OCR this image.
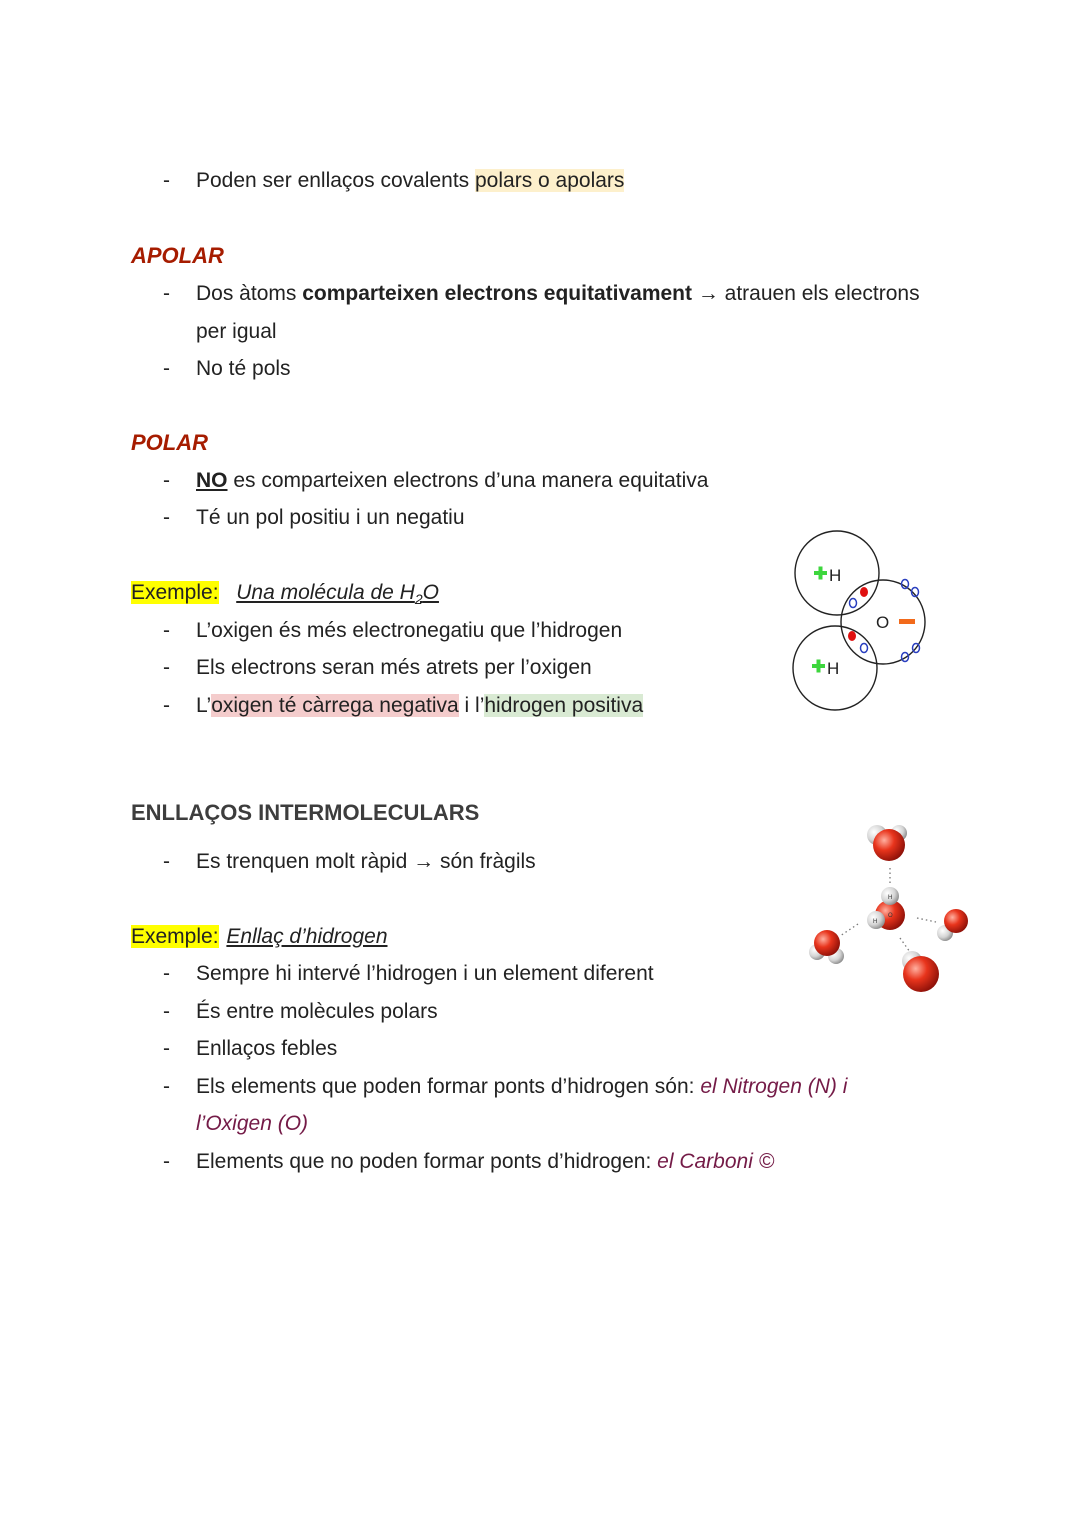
- Poden ser enllaços covalents polars o apolars
APOLAR
- Dos àtoms comparteixen electrons equitativament → atrauen els electrons
per igual
- No té pols
POLAR
- NO es comparteixen electrons d’una manera equitativa
- Té un pol positiu i un negatiu
Exemple: Una molécula de $H_2O$
- L’oxigen és més electronegatiu que l’hidrogen
- Els electrons seran més atrets per l’oxigen
- L’oxigen té càrrega negativa i l’hidrogen positiva
H
H
O
ENLLAÇOS INTERMOLECULARS
- Es trenquen molt ràpid → són fràgils
H
O
H
Exemple: Enllaç d’hidrogen
- Sempre hi intervé l’hidrogen i un element diferent
- És entre molècules polars
- Enllaços febles
- Els elements que poden formar ponts d’hidrogen són: el Nitrogen (N) i
l’Oxigen (O)
- Elements que no poden formar ponts d’hidrogen: el Carboni ©
